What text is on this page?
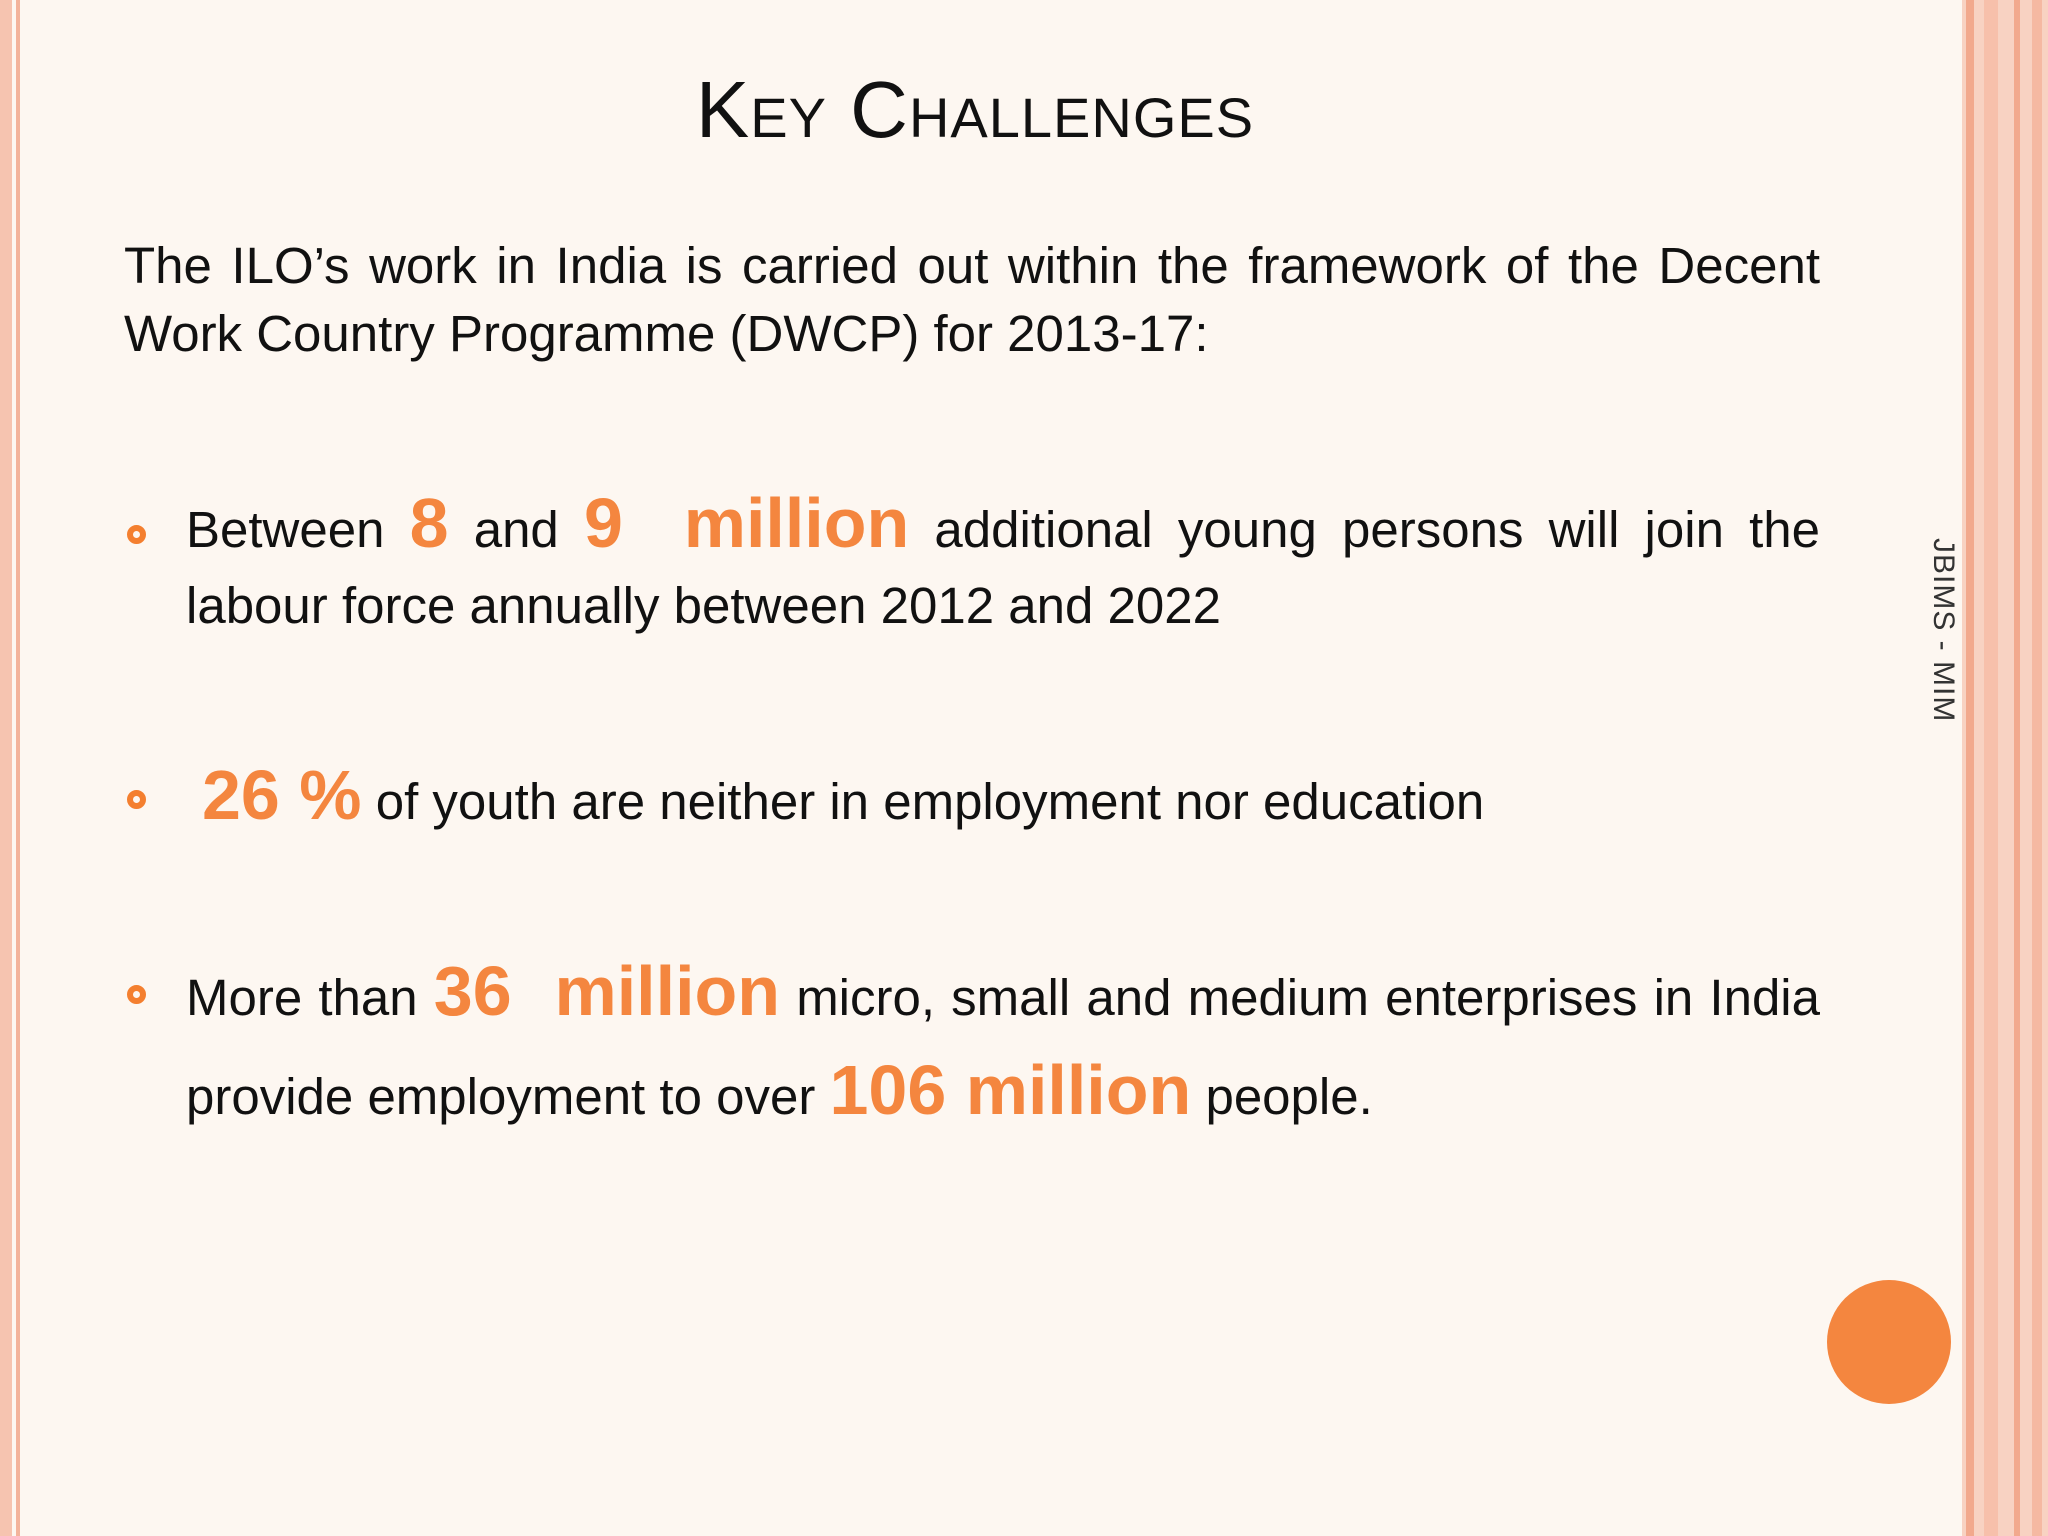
Key Challenges
The ILO’s work in India is carried out within the framework of the Decent Work Country Programme (DWCP) for 2013-17:
Between 8 and 9  million additional young persons will join the labour force annually between 2012 and 2022
26 % of youth are neither in employment nor education
More than 36  million micro, small and medium enterprises in India provide employment to over 106 million people.
JBIMS - MIM
